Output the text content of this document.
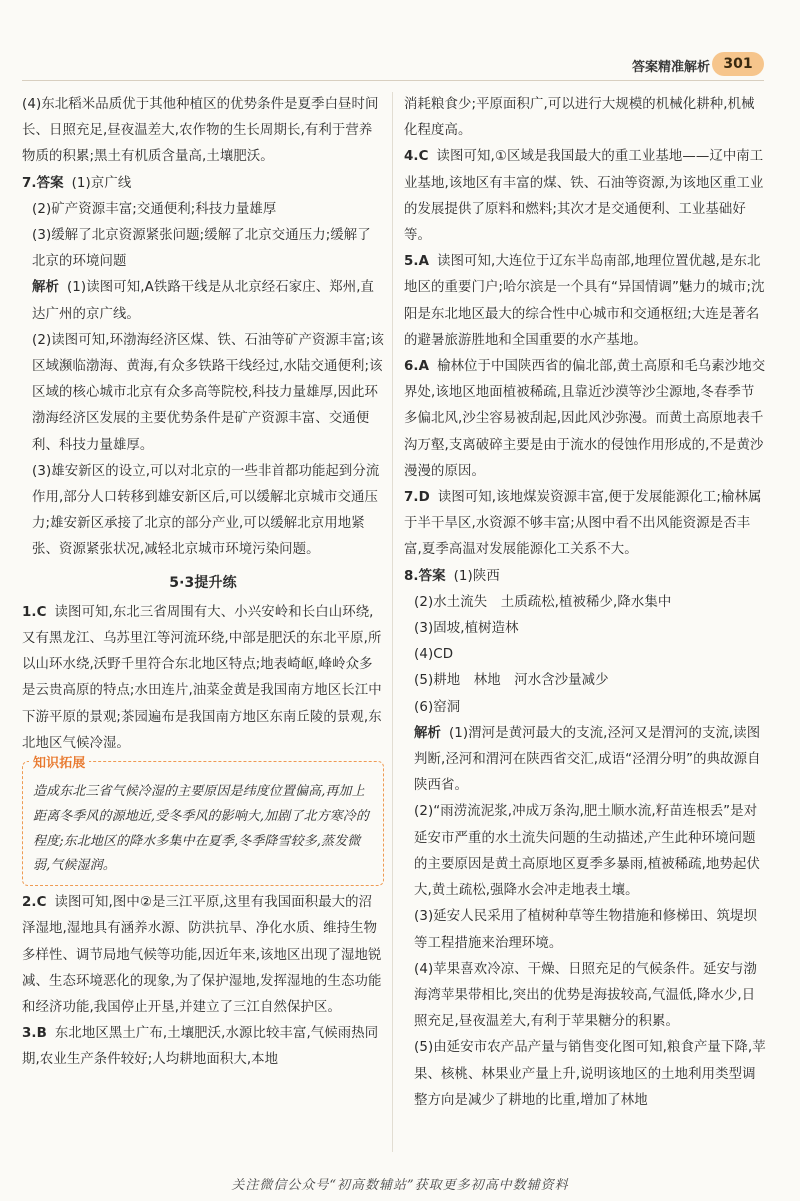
答案精准解析 301

(4)东北稻米品质优于其他种植区的优势条件是夏季白昼时间长、日照充足,昼夜温差大,农作物的生长周期长,有利于营养物质的积累;黑土有机质含量高,土壤肥沃。

7.答案 (1)京广线

(2)矿产资源丰富;交通便利;科技力量雄厚

(3)缓解了北京资源紧张问题;缓解了北京交通压力;缓解了北京的环境问题

解析 (1)读图可知,A铁路干线是从北京经石家庄、郑州,直达广州的京广线。

(2)读图可知,环渤海经济区煤、铁、石油等矿产资源丰富;该区域濒临渤海、黄海,有众多铁路干线经过,水陆交通便利;该区域的核心城市北京有众多高等院校,科技力量雄厚,因此环渤海经济区发展的主要优势条件是矿产资源丰富、交通便利、科技力量雄厚。

(3)雄安新区的设立,可以对北京的一些非首都功能起到分流作用,部分人口转移到雄安新区后,可以缓解北京城市交通压力;雄安新区承接了北京的部分产业,可以缓解北京用地紧张、资源紧张状况,减轻北京城市环境污染问题。

5·3提升练

1.C 读图可知,东北三省周围有大、小兴安岭和长白山环绕,又有黑龙江、乌苏里江等河流环绕,中部是肥沃的东北平原,所以山环水绕,沃野千里符合东北地区特点;地表崎岖,峰岭众多是云贵高原的特点;水田连片,油菜金黄是我国南方地区长江中下游平原的景观;茶园遍布是我国南方地区东南丘陵的景观,东北地区气候冷湿。

知识拓展
造成东北三省气候冷湿的主要原因是纬度位置偏高,再加上距离冬季风的源地近,受冬季风的影响大,加剧了北方寒冷的程度;东北地区的降水多集中在夏季,冬季降雪较多,蒸发微弱,气候湿润。

2.C 读图可知,图中②是三江平原,这里有我国面积最大的沼泽湿地,湿地具有涵养水源、防洪抗旱、净化水质、维持生物多样性、调节局地气候等功能,因近年来,该地区出现了湿地锐减、生态环境恶化的现象,为了保护湿地,发挥湿地的生态功能和经济功能,我国停止开垦,并建立了三江自然保护区。

3.B 东北地区黑土广布,土壤肥沃,水源比较丰富,气候雨热同期,农业生产条件较好;人均耕地面积大,本地

消耗粮食少;平原面积广,可以进行大规模的机械化耕种,机械化程度高。

4.C 读图可知,①区域是我国最大的重工业基地——辽中南工业基地,该地区有丰富的煤、铁、石油等资源,为该地区重工业的发展提供了原料和燃料;其次才是交通便利、工业基础好等。

5.A 读图可知,大连位于辽东半岛南部,地理位置优越,是东北地区的重要门户;哈尔滨是一个具有“异国情调”魅力的城市;沈阳是东北地区最大的综合性中心城市和交通枢纽;大连是著名的避暑旅游胜地和全国重要的水产基地。

6.A 榆林位于中国陕西省的偏北部,黄土高原和毛乌素沙地交界处,该地区地面植被稀疏,且靠近沙漠等沙尘源地,冬春季节多偏北风,沙尘容易被刮起,因此风沙弥漫。而黄土高原地表千沟万壑,支离破碎主要是由于流水的侵蚀作用形成的,不是黄沙漫漫的原因。

7.D 读图可知,该地煤炭资源丰富,便于发展能源化工;榆林属于半干旱区,水资源不够丰富;从图中看不出风能资源是否丰富,夏季高温对发展能源化工关系不大。

8.答案 (1)陕西

(2)水土流失　土质疏松,植被稀少,降水集中

(3)固坡,植树造林

(4)CD

(5)耕地　林地　河水含沙量减少

(6)窑洞

解析 (1)渭河是黄河最大的支流,泾河又是渭河的支流,读图判断,泾河和渭河在陕西省交汇,成语“泾渭分明”的典故源自陕西省。

(2)“雨涝流泥浆,冲成万条沟,肥土顺水流,籽苗连根丢”是对延安市严重的水土流失问题的生动描述,产生此种环境问题的主要原因是黄土高原地区夏季多暴雨,植被稀疏,地势起伏大,黄土疏松,强降水会冲走地表土壤。

(3)延安人民采用了植树种草等生物措施和修梯田、筑堤坝等工程措施来治理环境。

(4)苹果喜欢冷凉、干燥、日照充足的气候条件。延安与渤海湾苹果带相比,突出的优势是海拔较高,气温低,降水少,日照充足,昼夜温差大,有利于苹果糖分的积累。

(5)由延安市农产品产量与销售变化图可知,粮食产量下降,苹果、核桃、林果业产量上升,说明该地区的土地利用类型调整方向是减少了耕地的比重,增加了林地

关注微信公众号“初高数辅站”获取更多初高中数辅资料
